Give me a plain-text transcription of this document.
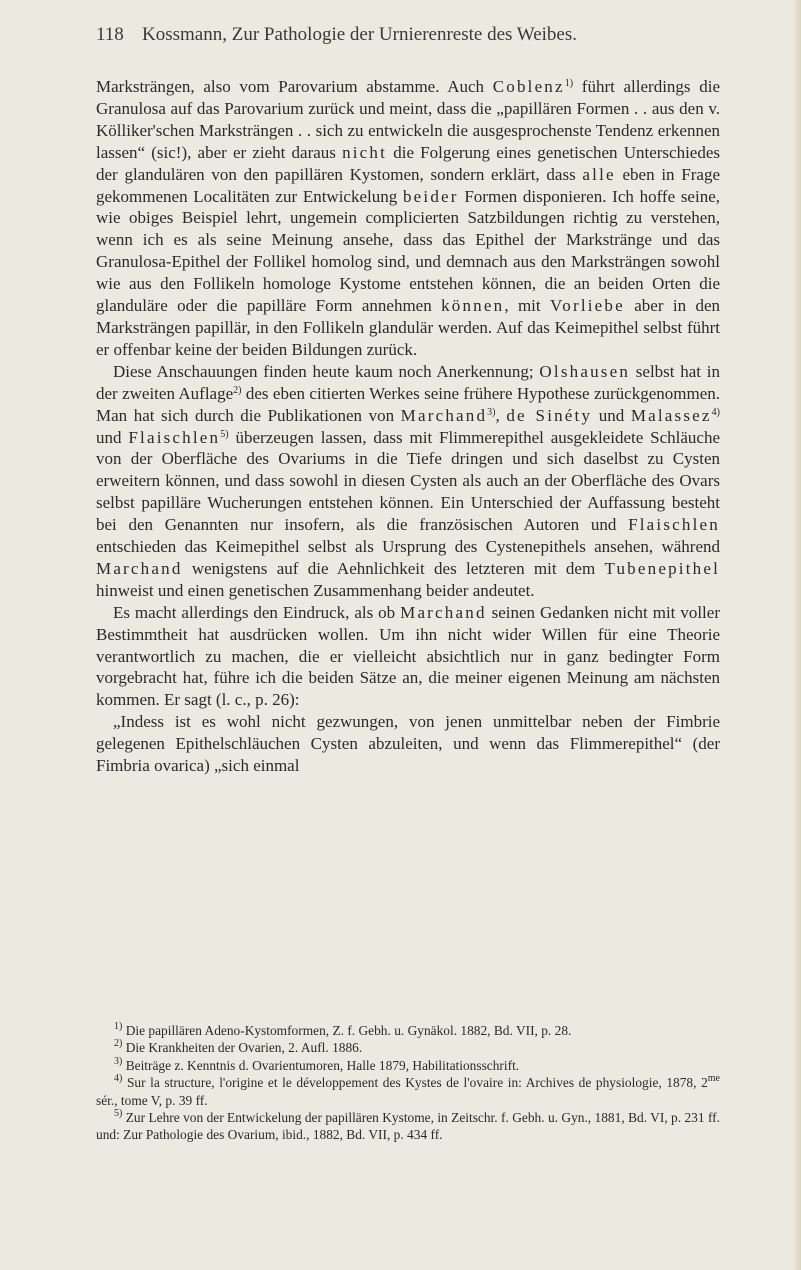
118 Kossmann, Zur Pathologie der Urnierenreste des Weibes.

Marksträngen, also vom Parovarium abstamme. Auch Coblenz$^{1)}$ führt allerdings die Granulosa auf das Parovarium zurück und meint, dass die „papillären Formen . . aus den v. Kölliker'schen Marksträngen . . sich zu entwickeln die ausgesprochenste Tendenz erkennen lassen“ (sic!), aber er zieht daraus nicht die Folgerung eines genetischen Unterschiedes der glandulären von den papillären Kystomen, sondern erklärt, dass alle eben in Frage gekommenen Localitäten zur Entwickelung beider Formen disponieren. Ich hoffe seine, wie obiges Beispiel lehrt, ungemein complicierten Satzbildungen richtig zu verstehen, wenn ich es als seine Meinung ansehe, dass das Epithel der Markstränge und das Granulosa-Epithel der Follikel homolog sind, und demnach aus den Marksträngen sowohl wie aus den Follikeln homologe Kystome entstehen können, die an beiden Orten die glanduläre oder die papilläre Form annehmen können, mit Vorliebe aber in den Marksträngen papillär, in den Follikeln glandulär werden. Auf das Keimepithel selbst führt er offenbar keine der beiden Bildungen zurück.

Diese Anschauungen finden heute kaum noch Anerkennung; Olshausen selbst hat in der zweiten Auflage$^{2)}$ des eben citierten Werkes seine frühere Hypothese zurückgenommen. Man hat sich durch die Publikationen von Marchand$^{3)}$, de Sinéty und Malassez$^{4)}$ und Flaischlen$^{5)}$ überzeugen lassen, dass mit Flimmerepithel ausgekleidete Schläuche von der Oberfläche des Ovariums in die Tiefe dringen und sich daselbst zu Cysten erweitern können, und dass sowohl in diesen Cysten als auch an der Oberfläche des Ovars selbst papilläre Wucherungen entstehen können. Ein Unterschied der Auffassung besteht bei den Genannten nur insofern, als die französischen Autoren und Flaischlen entschieden das Keimepithel selbst als Ursprung des Cystenepithels ansehen, während Marchand wenigstens auf die Aehnlichkeit des letzteren mit dem Tubenepithel hinweist und einen genetischen Zusammenhang beider andeutet.

Es macht allerdings den Eindruck, als ob Marchand seinen Gedanken nicht mit voller Bestimmtheit hat ausdrücken wollen. Um ihn nicht wider Willen für eine Theorie verantwortlich zu machen, die er vielleicht absichtlich nur in ganz bedingter Form vorgebracht hat, führe ich die beiden Sätze an, die meiner eigenen Meinung am nächsten kommen. Er sagt (l. c., p. 26):

„Indess ist es wohl nicht gezwungen, von jenen unmittelbar neben der Fimbrie gelegenen Epithelschläuchen Cysten abzuleiten, und wenn das Flimmerepithel“ (der Fimbria ovarica) „sich einmal

$^{1)}$ Die papillären Adeno-Kystomformen, Z. f. Gebh. u. Gynäkol. 1882, Bd. VII, p. 28.

$^{2)}$ Die Krankheiten der Ovarien, 2. Aufl. 1886.

$^{3)}$ Beiträge z. Kenntnis d. Ovarientumoren, Halle 1879, Habilitationsschrift.

$^{4)}$ Sur la structure, l'origine et le développement des Kystes de l'ovaire in: Archives de physiologie, 1878, $2^{me}$ sér., tome V, p. 39 ff.

$^{5)}$ Zur Lehre von der Entwickelung der papillären Kystome, in Zeitschr. f. Gebh. u. Gyn., 1881, Bd. VI, p. 231 ff. und: Zur Pathologie des Ovarium, ibid., 1882, Bd. VII, p. 434 ff.
